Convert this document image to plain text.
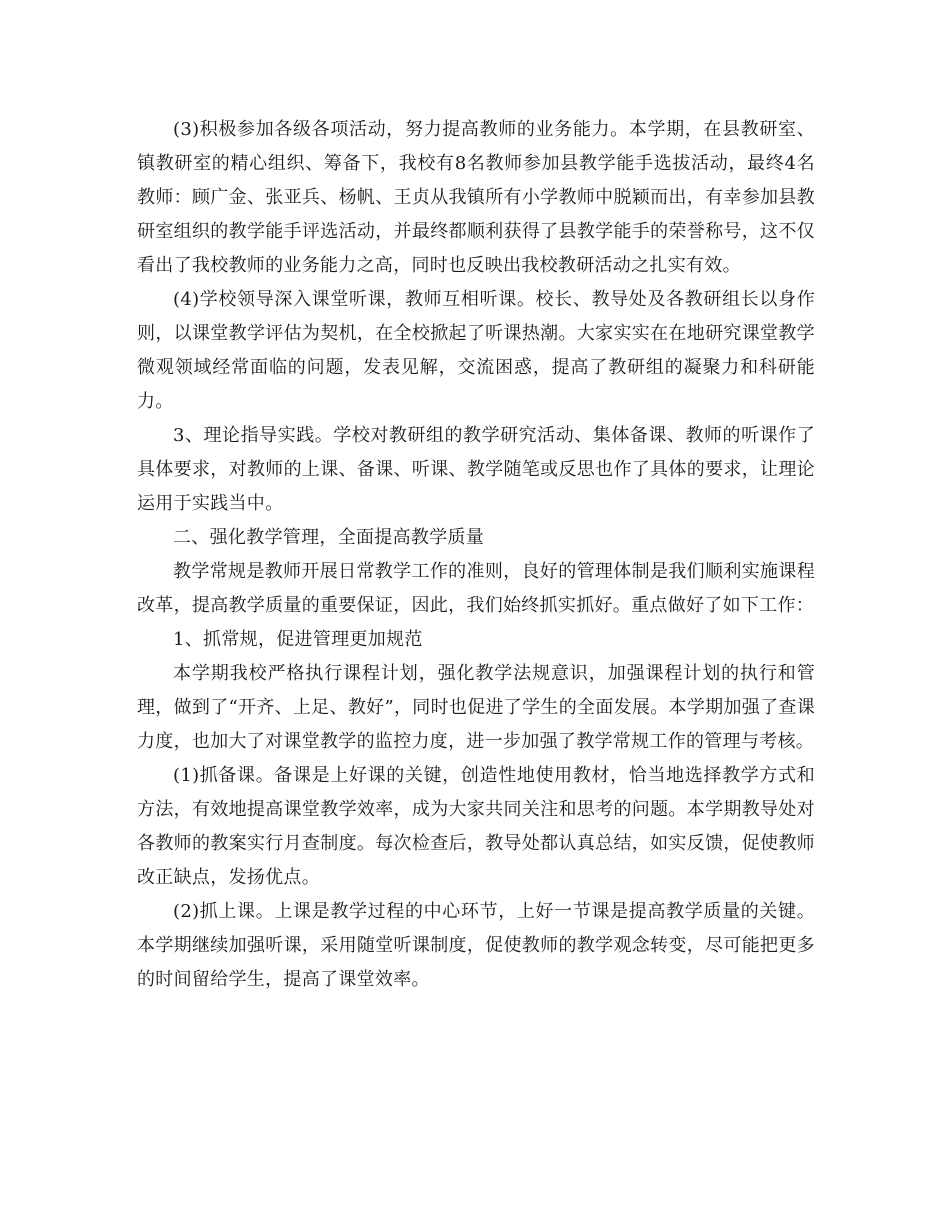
(3)积极参加各级各项活动，努力提高教师的业务能力。本学期，在县教研室、镇教研室的精心组织、筹备下，我校有8名教师参加县教学能手选拔活动，最终4名教师：顾广金、张亚兵、杨帆、王贞从我镇所有小学教师中脱颖而出，有幸参加县教研室组织的教学能手评选活动，并最终都顺利获得了县教学能手的荣誉称号，这不仅看出了我校教师的业务能力之高，同时也反映出我校教研活动之扎实有效。

(4)学校领导深入课堂听课，教师互相听课。校长、教导处及各教研组长以身作则，以课堂教学评估为契机，在全校掀起了听课热潮。大家实实在在地研究课堂教学微观领域经常面临的问题，发表见解，交流困惑，提高了教研组的凝聚力和科研能力。

3、理论指导实践。学校对教研组的教学研究活动、集体备课、教师的听课作了具体要求，对教师的上课、备课、听课、教学随笔或反思也作了具体的要求，让理论运用于实践当中。

二、强化教学管理，全面提高教学质量

教学常规是教师开展日常教学工作的准则，良好的管理体制是我们顺利实施课程改革，提高教学质量的重要保证，因此，我们始终抓实抓好。重点做好了如下工作：

1、抓常规，促进管理更加规范

本学期我校严格执行课程计划，强化教学法规意识，加强课程计划的执行和管理，做到了“开齐、上足、教好”，同时也促进了学生的全面发展。本学期加强了查课力度，也加大了对课堂教学的监控力度，进一步加强了教学常规工作的管理与考核。

(1)抓备课。备课是上好课的关键，创造性地使用教材，恰当地选择教学方式和方法，有效地提高课堂教学效率，成为大家共同关注和思考的问题。本学期教导处对各教师的教案实行月查制度。每次检查后，教导处都认真总结，如实反馈，促使教师改正缺点，发扬优点。

(2)抓上课。上课是教学过程的中心环节，上好一节课是提高教学质量的关键。本学期继续加强听课，采用随堂听课制度，促使教师的教学观念转变，尽可能把更多的时间留给学生，提高了课堂效率。
